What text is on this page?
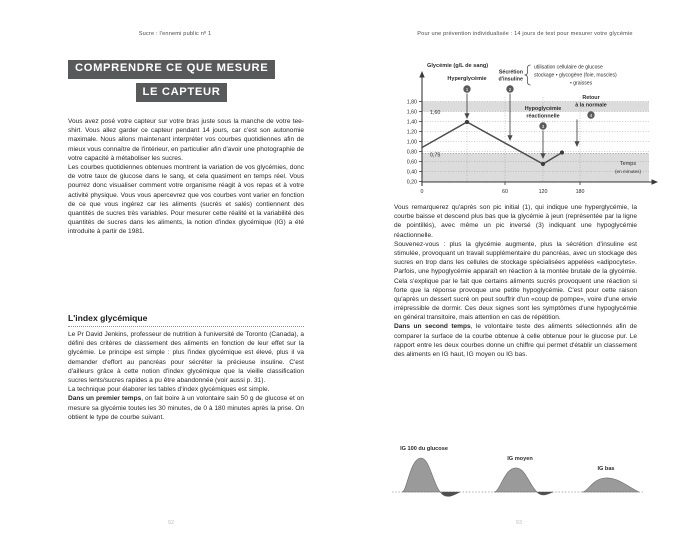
Sucre : l'ennemi public nº 1	Pour une prévention individualisée : 14 jours de test pour mesurer votre glycémie
COMPRENDRE CE QUE MESURE
LE CAPTEUR

Vous avez posé votre capteur sur votre bras juste sous la manche de votre tee-shirt. Vous allez garder ce capteur pendant 14 jours, car c'est son autonomie maximale. Nous allons maintenant interpréter vos courbes quotidiennes afin de mieux vous connaître de l'intérieur, en particulier afin d'avoir une photographie de votre capacité à métaboliser les sucres.

Les courbes quotidiennes obtenues montrent la variation de vos glycémies, donc de votre taux de glucose dans le sang, et cela quasiment en temps réel. Vous pourrez donc visualiser comment votre organisme réagit à vos repas et à votre activité physique. Vous vous apercevrez que vos courbes vont varier en fonction de ce que vous ingérez car les aliments (sucrés et salés) contiennent des quantités de sucres très variables. Pour mesurer cette réalité et la variabilité des quantités de sucres dans les aliments, la notion d'index glycémique (IG) a été introduite à partir de 1981.

L'index glycémique

Le Pr David Jenkins, professeur de nutrition à l'université de Toronto (Canada), a défini des critères de classement des aliments en fonction de leur effet sur la glycémie. Le principe est simple : plus l'index glycémique est élevé, plus il va demander d'effort au pancréas pour sécréter la précieuse insuline. C'est d'ailleurs grâce à cette notion d'index glycémique que la vieille classification sucres lents/sucres rapides a pu être abandonnée (voir aussi p. 31).

La technique pour élaborer les tables d'index glycémiques est simple.

Dans un premier temps, on fait boire à un volontaire sain 50 g de glucose et on mesure sa glycémie toutes les 30 minutes, de 0 à 180 minutes après la prise. On obtient le type de courbe suivant.

1,80
1,60
1,40
1,20
1,00
0,80
0,60
0,40
0,20
1,60
0,75
0	60	120	180
Glycémie (g/L de sang)
Temps
(en minutes)
Hyperglycémie
1
Sécrétion
d'insuline
2
utilisation cellulaire de glucose
stockage • glycogène (foie, muscles)
• graisses
Hypoglycémie
réactionnelle
3
Retour
à la normale
4

Vous remarquerez qu'après son pic initial (1), qui indique une hyperglycémie, la courbe baisse et descend plus bas que la glycémie à jeun (représentée par la ligne de pointillés), avec même un pic inversé (3) indiquant une hypoglycémie réactionnelle.

Souvenez-vous : plus la glycémie augmente, plus la sécrétion d'insuline est stimulée, provoquant un travail supplémentaire du pancréas, avec un stockage des sucres en trop dans les cellules de stockage spécialisées appelées «adipocytes». Parfois, une hypoglycémie apparaît en réaction à la montée brutale de la glycémie. Cela s'explique par le fait que certains aliments sucrés provoquent une réaction si forte que la réponse provoque une petite hypoglycémie. C'est pour cette raison qu'après un dessert sucré on peut souffrir d'un «coup de pompe», voire d'une envie irrépressible de dormir. Ces deux signes sont les symptômes d'une hypoglycémie en général transitoire, mais attention en cas de répétition.

Dans un second temps, le volontaire teste des aliments sélectionnés afin de comparer la surface de la courbe obtenue à celle obtenue pour le glucose pur. Le rapport entre les deux courbes donne un chiffre qui permet d'établir un classement des aliments en IG haut, IG moyen ou IG bas.

IG 100 du glucose
IG moyen
IG bas
92	93
